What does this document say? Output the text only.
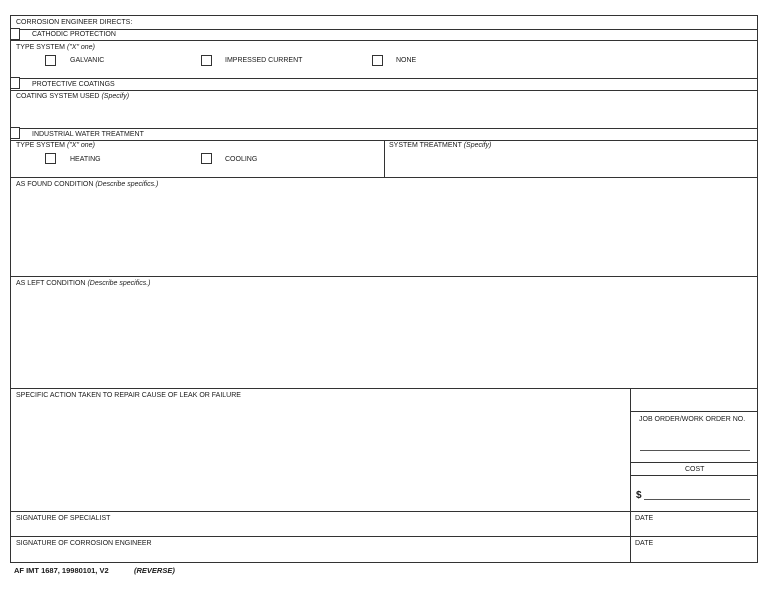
CORROSION ENGINEER DIRECTS:
CATHODIC PROTECTION
TYPE SYSTEM ("X" one)
GALVANIC	IMPRESSED CURRENT	NONE
PROTECTIVE COATINGS
COATING SYSTEM USED (Specify)
INDUSTRIAL WATER TREATMENT
TYPE SYSTEM ("X" one)
HEATING	COOLING
SYSTEM TREATMENT (Specify)
AS FOUND CONDITION (Describe specifics.)
AS LEFT CONDITION (Describe specifics.)
SPECIFIC ACTION TAKEN TO REPAIR CAUSE OF LEAK OR FAILURE
JOB ORDER/WORK ORDER NO.
COST
$
SIGNATURE OF SPECIALIST	DATE
SIGNATURE OF CORROSION ENGINEER	DATE
AF IMT 1687, 19980101, V2	(REVERSE)
